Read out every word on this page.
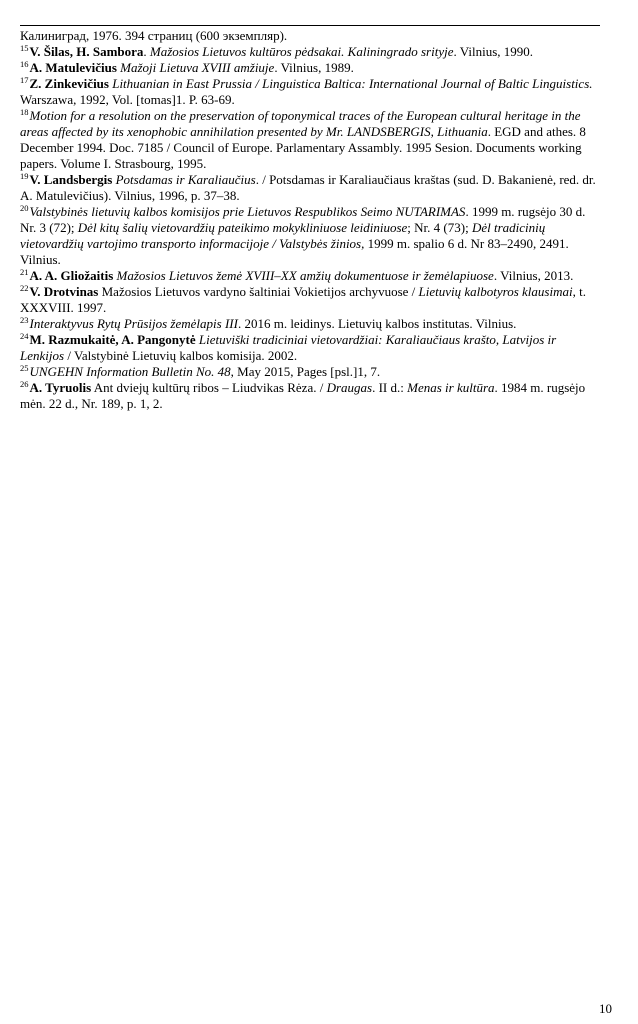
Калиниград, 1976. 394 страниц (600 экземпляр).

$^{15}$V. Šilas, H. Sambora. Mažosios Lietuvos kultūros pėdsakai. Kaliningrado srityje. Vilnius, 1990.

$^{16}$A. Matulevičius Mažoji Lietuva XVIII amžiuje. Vilnius, 1989.

$^{17}$Z. Zinkevičius Lithuanian in East Prussia / Linguistica Baltica: International Journal of Baltic Linguistics. Warszawa, 1992, Vol. [tomas]1. P. 63-69.

$^{18}$Motion for a resolution on the preservation of toponymical traces of the European cultural heritage in the areas affected by its xenophobic annihilation presented by Mr. LANDSBERGIS, Lithuania. EGD and athes. 8 December 1994. Doc. 7185 / Council of Europe. Parlamentary Assambly. 1995 Sesion. Documents working papers. Volume I. Strasbourg, 1995.

$^{19}$V. Landsbergis Potsdamas ir Karaliaučius. / Potsdamas ir Karaliaučiaus kraštas (sud. D. Bakanienė, red. dr. A. Matulevičius). Vilnius, 1996, p. 37–38.

$^{20}$Valstybinės lietuvių kalbos komisijos prie Lietuvos Respublikos Seimo NUTARIMAS. 1999 m. rugsėjo 30 d. Nr. 3 (72); Dėl kitų šalių vietovardžių pateikimo mokykliniuose leidiniuose; Nr. 4 (73); Dėl tradicinių vietovardžių vartojimo transporto informacijoje / Valstybės žinios, 1999 m. spalio 6 d. Nr 83–2490, 2491. Vilnius.

$^{21}$A. A. Gliožaitis Mažosios Lietuvos žemė XVIII–XX amžių dokumentuose ir žemėlapiuose. Vilnius, 2013.

$^{22}$V. Drotvinas Mažosios Lietuvos vardyno šaltiniai Vokietijos archyvuose / Lietuvių kalbotyros klausimai, t. XXXVIII. 1997.

$^{23}$Interaktyvus Rytų Prūsijos žemėlapis III. 2016 m. leidinys. Lietuvių kalbos institutas. Vilnius.

$^{24}$M. Razmukaitė, A. Pangonytė Lietuviški tradiciniai vietovardžiai: Karaliaučiaus krašto, Latvijos ir Lenkijos / Valstybinė Lietuvių kalbos komisija. 2002.

$^{25}$UNGEHN Information Bulletin No. 48, May 2015, Pages [psl.]1, 7.

$^{26}$A. Tyruolis Ant dviejų kultūrų ribos – Liudvikas Rėza. / Draugas. II d.: Menas ir kultūra. 1984 m. rugsėjo mėn. 22 d., Nr. 189, p. 1, 2.

10
